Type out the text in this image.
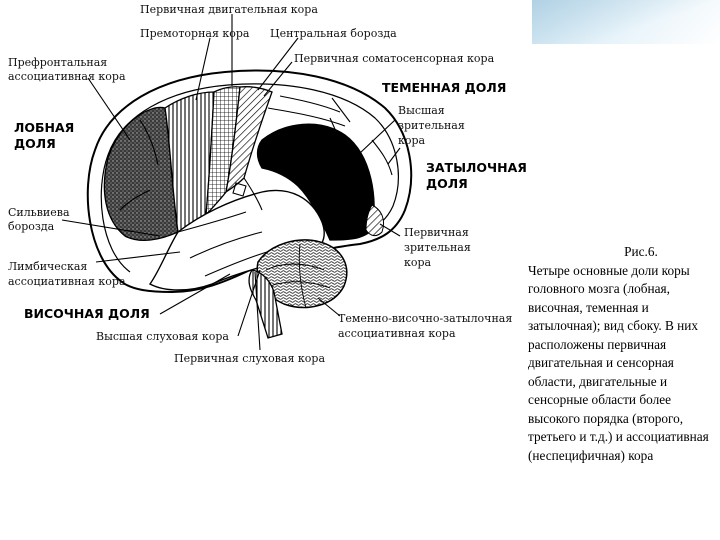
Первичная двигательная кора
Премоторная кора Центральная борозда
Префронтальная
ассоциативная кора
Первичная соматосенсорная кора
ТЕМЕННАЯ ДОЛЯ
Высшая
зрительная
кора
ЛОБНАЯ
ДОЛЯ
ЗАТЫЛОЧНАЯ
ДОЛЯ
Сильвиева
борозда	Первичная
зрительная
кора
Лимбическая
ассоциативная кора
ВИСОЧНАЯ ДОЛЯ	Теменно-височно-затылочная
ассоциативная кора
Высшая слуховая кора
Первичная слуховая кора
Рис.6.
Четыре основные доли коры головного мозга (лобная, височная, теменная и затылочная); вид сбоку. В них расположены первичная двигательная и сенсорная области, двигательные и сенсорные области более высокого порядка (второго, третьего и т.д.) и ассоциативная (неспецифичная) кора
